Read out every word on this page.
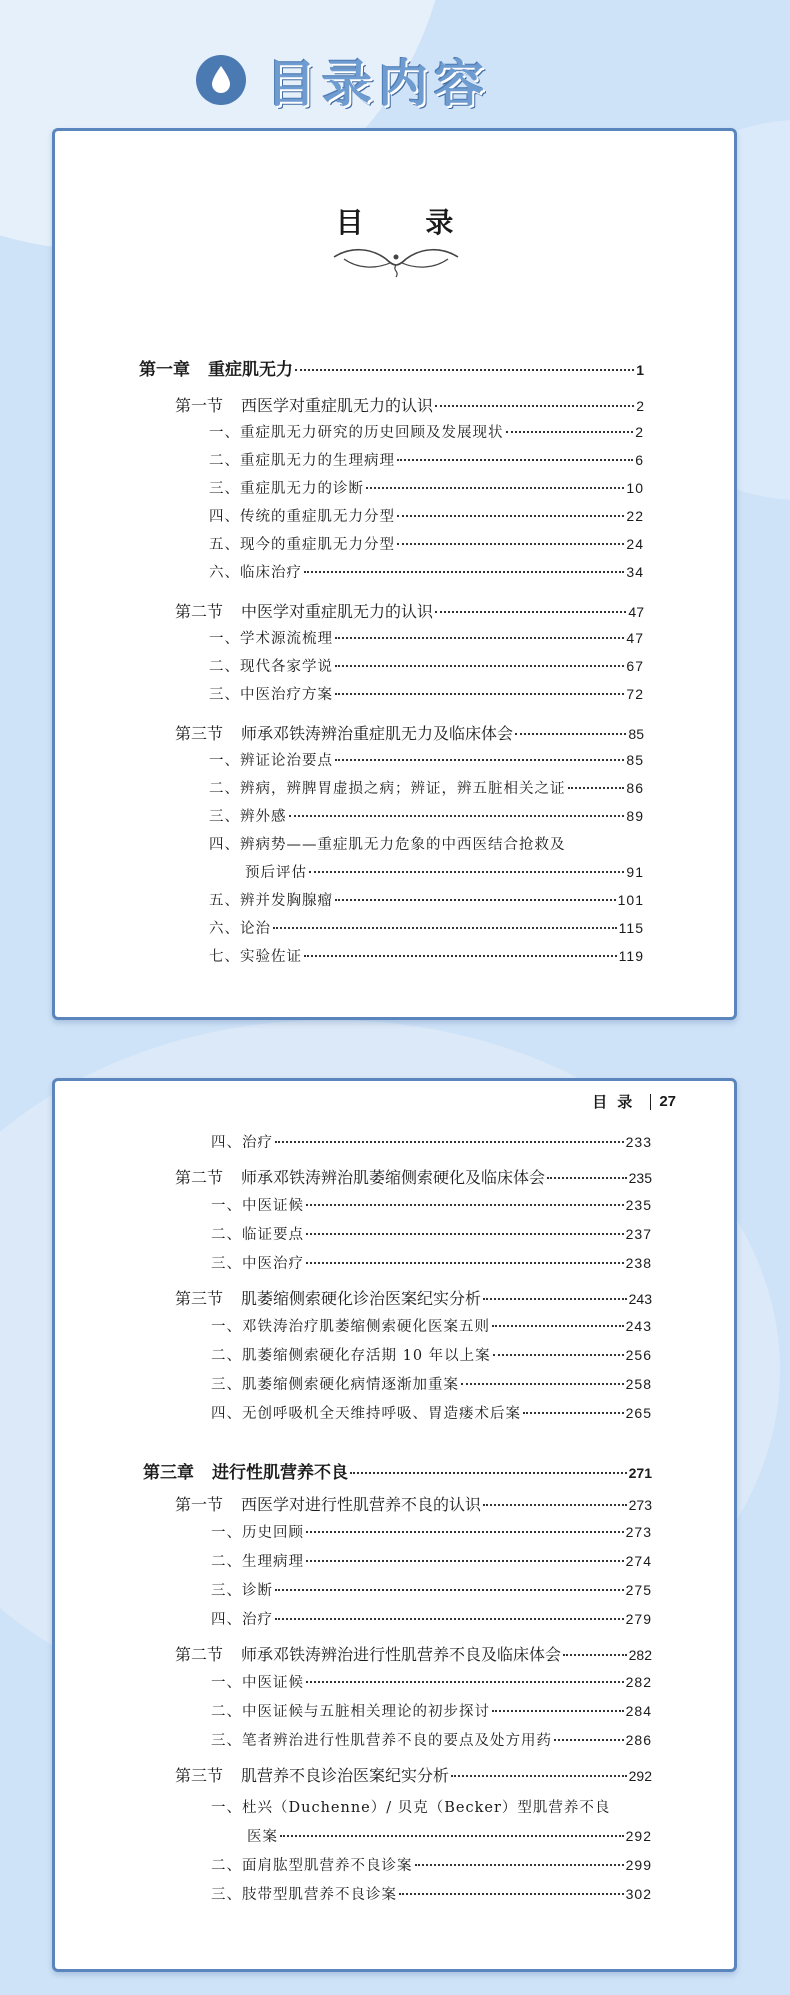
目录内容
目 录
第一章 重症肌无力	1
第一节 西医学对重症肌无力的认识	2
一、重症肌无力研究的历史回顾及发展现状	2
二、重症肌无力的生理病理	6
三、重症肌无力的诊断	10
四、传统的重症肌无力分型	22
五、现今的重症肌无力分型	24
六、临床治疗	34
第二节 中医学对重症肌无力的认识	47
一、学术源流梳理	47
二、现代各家学说	67
三、中医治疗方案	72
第三节 师承邓铁涛辨治重症肌无力及临床体会	85
一、辨证论治要点	85
二、辨病，辨脾胃虚损之病；辨证，辨五脏相关之证	86
三、辨外感	89
四、辨病势——重症肌无力危象的中西医结合抢救及
预后评估	91
五、辨并发胸腺瘤	101
六、论治	115
七、实验佐证	119
目录 27
四、治疗	233
第二节 师承邓铁涛辨治肌萎缩侧索硬化及临床体会	235
一、中医证候	235
二、临证要点	237
三、中医治疗	238
第三节 肌萎缩侧索硬化诊治医案纪实分析	243
一、邓铁涛治疗肌萎缩侧索硬化医案五则	243
二、肌萎缩侧索硬化存活期 10 年以上案	256
三、肌萎缩侧索硬化病情逐渐加重案	258
四、无创呼吸机全天维持呼吸、胃造瘘术后案	265
第三章 进行性肌营养不良	271
第一节 西医学对进行性肌营养不良的认识	273
一、历史回顾	273
二、生理病理	274
三、诊断	275
四、治疗	279
第二节 师承邓铁涛辨治进行性肌营养不良及临床体会	282
一、中医证候	282
二、中医证候与五脏相关理论的初步探讨	284
三、笔者辨治进行性肌营养不良的要点及处方用药	286
第三节 肌营养不良诊治医案纪实分析	292
一、杜兴（Duchenne）/ 贝克（Becker）型肌营养不良
医案	292
二、面肩肱型肌营养不良诊案	299
三、肢带型肌营养不良诊案	302
